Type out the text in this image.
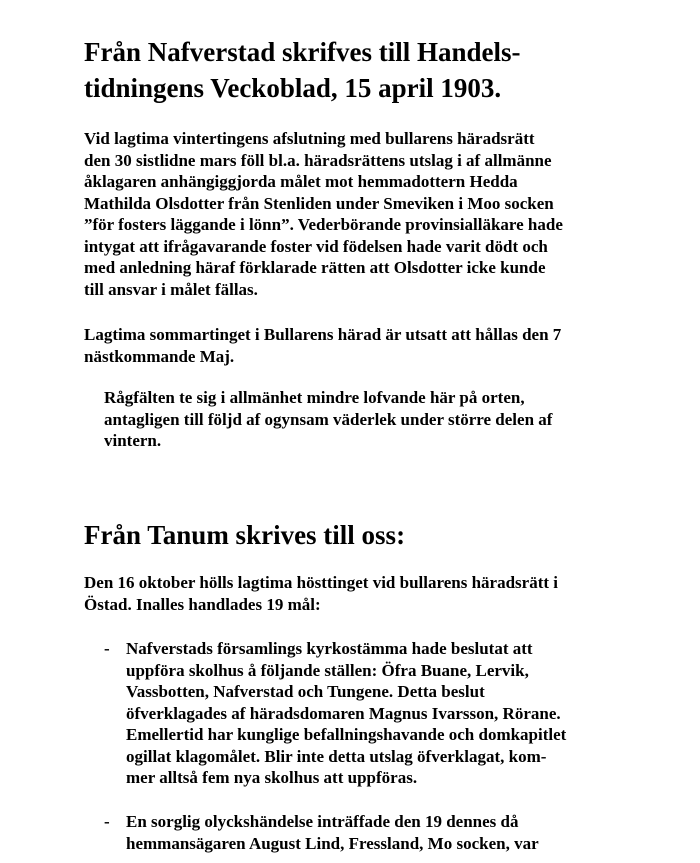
Från Nafverstad skrifves till Handels-
tidningens Veckoblad, 15 april 1903.
Vid lagtima vintertingens afslutning med bullarens häradsrätt
den 30 sistlidne mars föll bl.a. häradsrättens utslag i af allmänne
åklagaren anhängiggjorda målet mot hemmadottern Hedda
Mathilda Olsdotter från Stenliden under Smeviken i Moo socken
”för fosters läggande i lönn”. Vederbörande provinsialläkare hade
intygat att ifrågavarande foster vid födelsen hade varit dödt och
med anledning häraf förklarade rätten att Olsdotter icke kunde
till ansvar i målet fällas.
Lagtima sommartinget i Bullarens härad är utsatt att hållas den 7
nästkommande Maj.
Rågfälten te sig i allmänhet mindre lofvande här på orten,
antagligen till följd af ogynsam väderlek under större delen af
vintern.
Från Tanum skrives till oss:
Den 16 oktober hölls lagtima hösttinget vid bullarens häradsrätt i
Östad. Inalles handlades 19 mål:
- Nafverstads församlings kyrkostämma hade beslutat att
uppföra skolhus å följande ställen: Öfra Buane, Lervik,
Vassbotten, Nafverstad och Tungene. Detta beslut
öfverklagades af häradsdomaren Magnus Ivarsson, Rörane.
Emellertid har kunglige befallningshavande och domkapitlet
ogillat klagomålet. Blir inte detta utslag öfverklagat, kom-
mer alltså fem nya skolhus att uppföras.
- En sorglig olyckshändelse inträffade den 19 dennes då
hemmansägaren August Lind, Fressland, Mo socken, var
